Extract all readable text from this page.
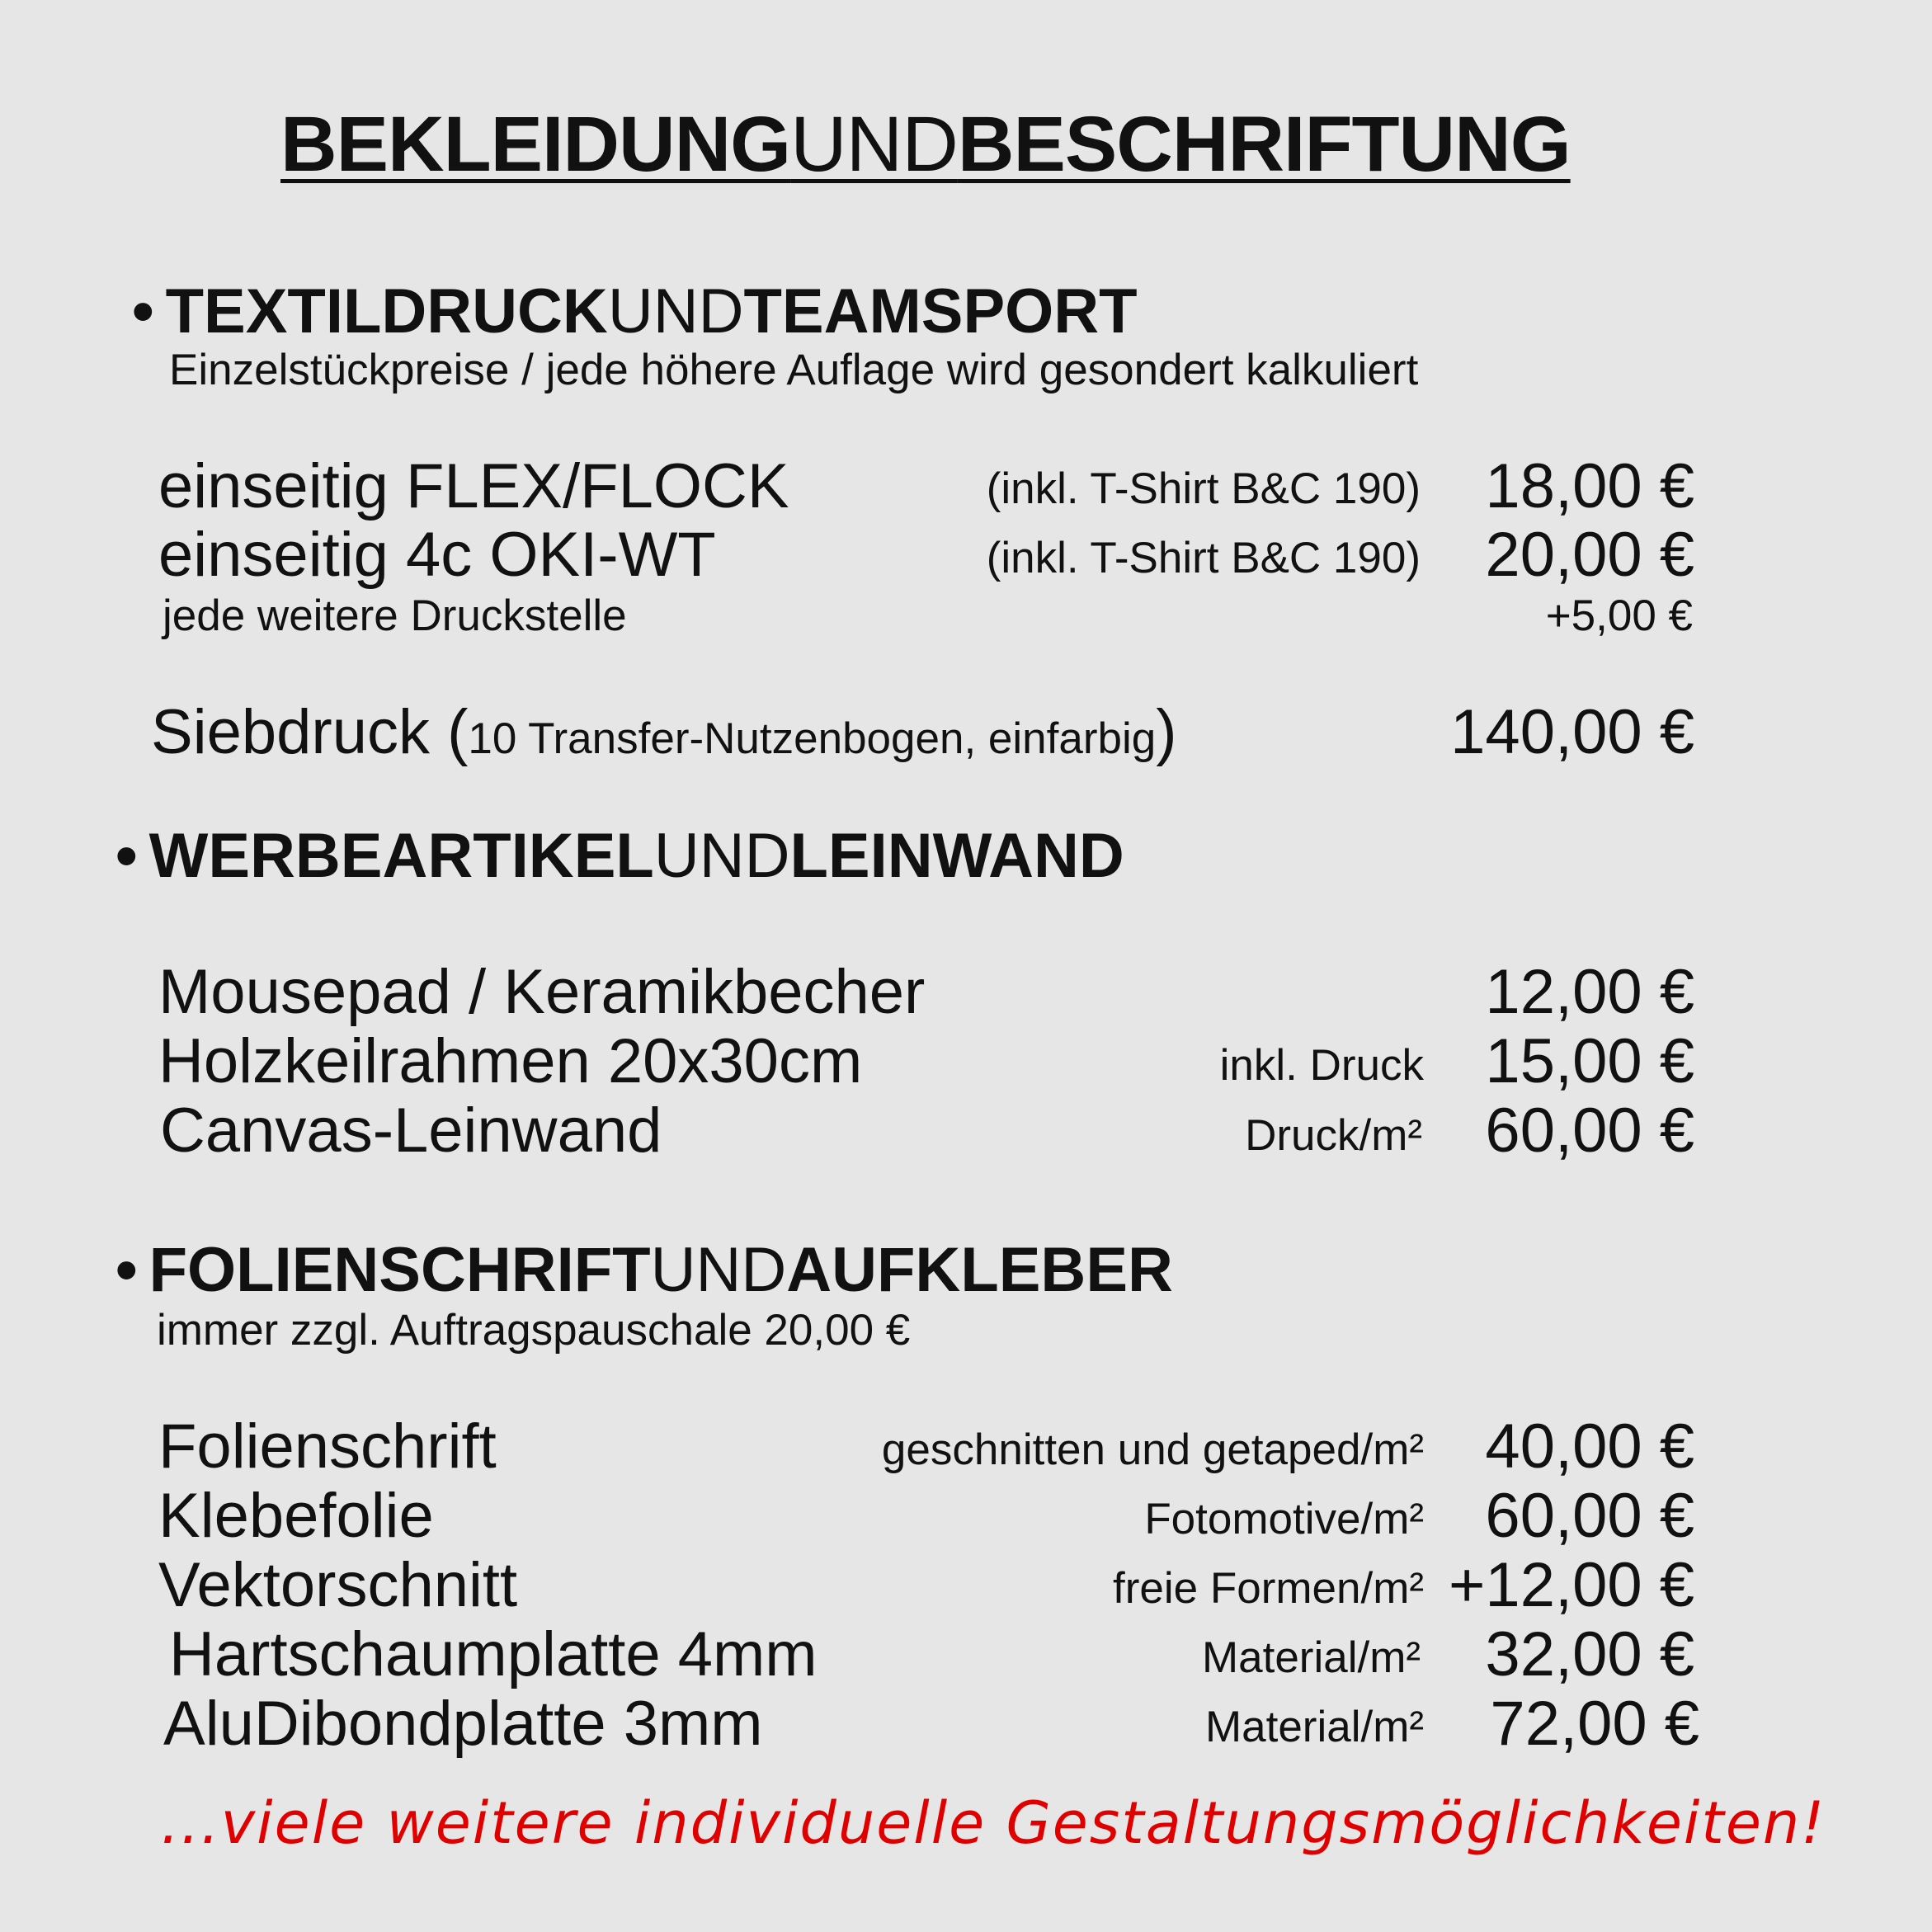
BEKLEIDUNGUNDBESCHRIFTUNG
• TEXTILDRUCKUNDTEAMSPORT
Einzelstückpreise / jede höhere Auflage wird gesondert kalkuliert
einseitig FLEX/FLOCK	(inkl. T-Shirt B&C 190) 18,00 €
einseitig 4c OKI-WT	(inkl. T-Shirt B&C 190) 20,00 €
jede weitere Druckstelle	+5,00 €
Siebdruck (10 Transfer-Nutzenbogen, einfarbig)	140,00 €
• WERBEARTIKELUNDLEINWAND
Mousepad / Keramikbecher	12,00 €
Holzkeilrahmen 20x30cm	inkl. Druck 15,00 €
Canvas-Leinwand	Druck/m² 60,00 €
• FOLIENSCHRIFTUNDAUFKLEBER
immer zzgl. Auftragspauschale 20,00 €
Folienschrift	geschnitten und getaped/m² 40,00 €
Klebefolie	Fotomotive/m² 60,00 €
Vektorschnitt	freie Formen/m² +12,00 €
Hartschaumplatte 4mm	Material/m² 32,00 €
AluDibondplatte 3mm	Material/m² 72,00 €
...viele weitere individuelle Gestaltungsmöglichkeiten!
